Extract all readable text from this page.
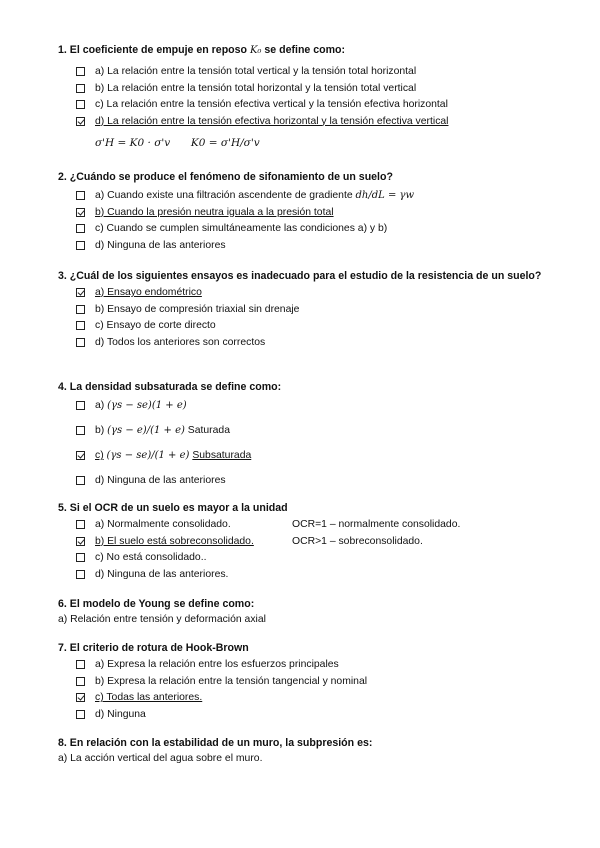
1. El coeficiente de empuje en reposo K₀ se define como:
a) La relación entre la tensión total vertical y la tensión total horizontal
b) La relación entre la tensión total horizontal y la tensión total vertical
c) La relación entre la tensión efectiva vertical y la tensión efectiva horizontal
d) La relación entre la tensión efectiva horizontal y la tensión efectiva vertical
σ'H = K0 · σ'v K0 = σ'H/σ'v
2. ¿Cuándo se produce el fenómeno de sifonamiento de un suelo?
a) Cuando existe una filtración ascendente de gradiente dh/dL = γw
b) Cuando la presión neutra iguala a la presión total
c) Cuando se cumplen simultáneamente las condiciones a) y b)
d) Ninguna de las anteriores
3. ¿Cuál de los siguientes ensayos es inadecuado para el estudio de la resistencia de un suelo?
a) Ensayo endométrico
b) Ensayo de compresión triaxial sin drenaje
c) Ensayo de corte directo
d) Todos los anteriores son correctos
4. La densidad subsaturada se define como:
a) (γs − se)(1 + e)
b) (γs − e)/(1 + e) Saturada
c) (γs − se)/(1 + e) Subsaturada
d) Ninguna de las anteriores
5. Si el OCR de un suelo es mayor a la unidad
a) Normalmente consolidado.	OCR=1 – normalmente consolidado.
b) El suelo está sobreconsolidado.	OCR>1 – sobreconsolidado.
c) No está consolidado..
d) Ninguna de las anteriores.
6. El modelo de Young se define como:
a) Relación entre tensión y deformación axial
7. El criterio de rotura de Hook-Brown
a) Expresa la relación entre los esfuerzos principales
b) Expresa la relación entre la tensión tangencial y nominal
c) Todas las anteriores.
d) Ninguna
8. En relación con la estabilidad de un muro, la subpresión es:
a) La acción vertical del agua sobre el muro.
